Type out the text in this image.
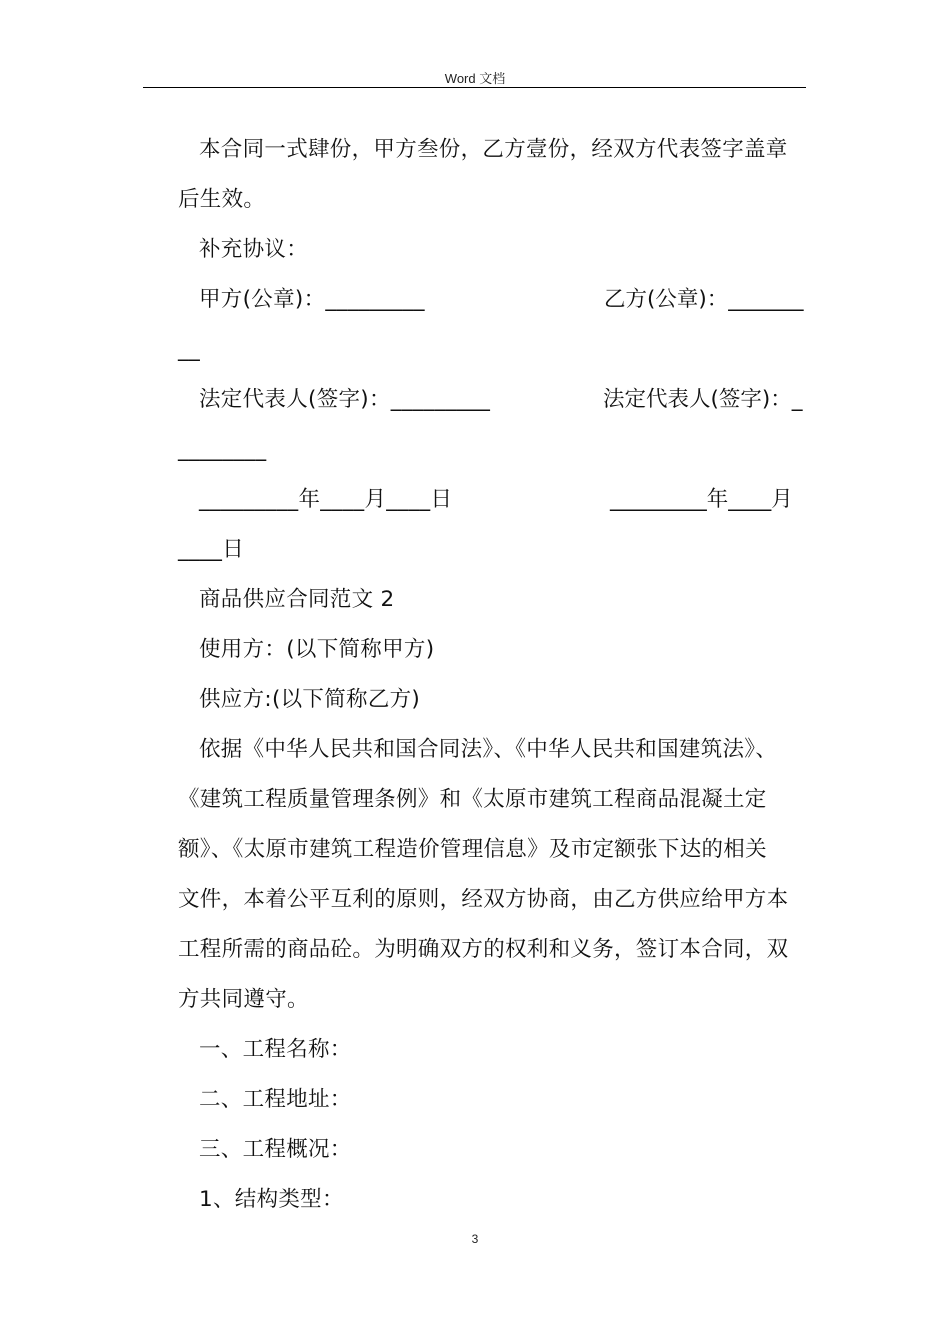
Word 文档
本合同一式肆份，甲方叁份，乙方壹份，经双方代表签字盖章
后生效。
补充协议：
甲方(公章)：_________	乙方(公章)：_______
__
法定代表人(签字)：_________	法定代表人(签字)：_
________
_________年____月____日	_________年____月
____日
商品供应合同范文 2
使用方：(以下简称甲方)
供应方:(以下简称乙方)
依据《中华人民共和国合同法》、《中华人民共和国建筑法》、
《建筑工程质量管理条例》和《太原市建筑工程商品混凝土定
额》、《太原市建筑工程造价管理信息》及市定额张下达的相关
文件，本着公平互利的原则，经双方协商，由乙方供应给甲方本
工程所需的商品砼。为明确双方的权利和义务，签订本合同，双
方共同遵守。
一、工程名称：
二、工程地址：
三、工程概况：
1、结构类型：
3
